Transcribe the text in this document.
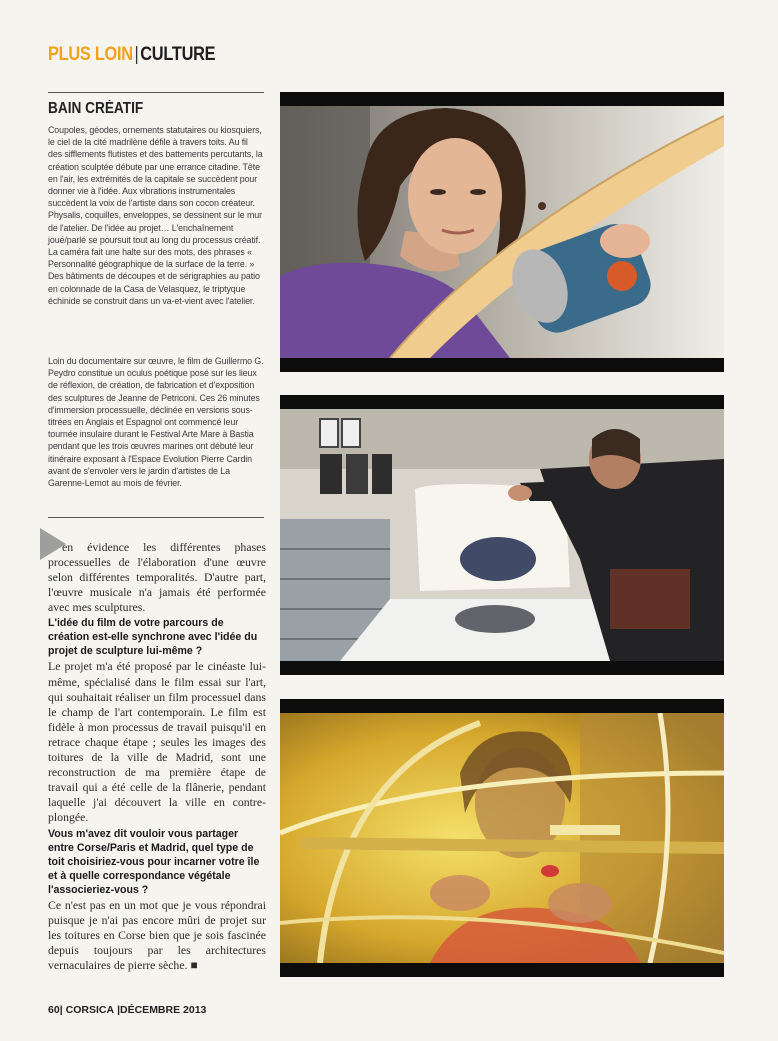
PLUS LOIN|CULTURE
BAIN CRÉATIF

Coupoles, géodes, ornements statutaires ou kiosquiers, le ciel de la cité madrilène défile à travers toits. Au fil des sifflements flutistes et des battements percutants, la création sculptée débute par une errance citadine. Tête en l'air, les extrémités de la capitale se succèdent pour donner vie à l'idée. Aux vibrations instrumentales succèdent la voix de l'artiste dans son cocon créateur. Physalis, coquilles, enveloppes, se dessinent sur le mur de l'atelier. De l'idée au projet… L'enchaînement joué/parlé se poursuit tout au long du processus créatif. La caméra fait une halte sur des mots, des phrases « Personnalité géographique de la surface de la terre. » Des bâtiments de découpes et de sérigraphies au patio en colonnade de la Casa de Velasquez, le triptyque échinide se construit dans un va-et-vient avec l'atelier.

Loin du documentaire sur œuvre, le film de Guillermo G. Peydro constitue un oculus poétique posé sur les lieux de réflexion, de création, de fabrication et d'exposition des sculptures de Jeanne de Petriconi. Ces 26 minutes d'immersion processuelle, déclinée en versions sous-titrées en Anglais et Espagnol ont commencé leur tournée insulaire durant le Festival Arte Mare à Bastia pendant que les trois œuvres marines ont débuté leur itinéraire exposant à l'Espace Evolution Pierre Cardin avant de s'envoler vers le jardin d'artistes de La Garenne-Lemot au mois de février.

en évidence les différentes phases processuelles de l'élaboration d'une œuvre selon différentes temporalités. D'autre part, l'œuvre musicale n'a jamais été performée avec mes sculptures.

L'idée du film de votre parcours de création est-elle synchrone avec l'idée du projet de sculpture lui-même ?

Le projet m'a été proposé par le cinéaste lui-même, spécialisé dans le film essai sur l'art, qui souhaitait réaliser un film processuel dans le champ de l'art contemporain. Le film est fidèle à mon processus de travail puisqu'il en retrace chaque étape ; seules les images des toitures de la ville de Madrid, sont une reconstruction de ma première étape de travail qui a été celle de la flânerie, pendant laquelle j'ai découvert la ville en contre-plongée.

Vous m'avez dit vouloir vous partager entre Corse/Paris et Madrid, quel type de toit choisiriez-vous pour incarner votre île et à quelle correspondance végétale l'associeriez-vous ?

Ce n'est pas en un mot que je vous répondrai puisque je n'ai pas encore mûri de projet sur les toitures en Corse bien que je sois fascinée depuis toujours par les architectures vernaculaires de pierre sèche. ■

60| CORSICA |DÉCEMBRE 2013
